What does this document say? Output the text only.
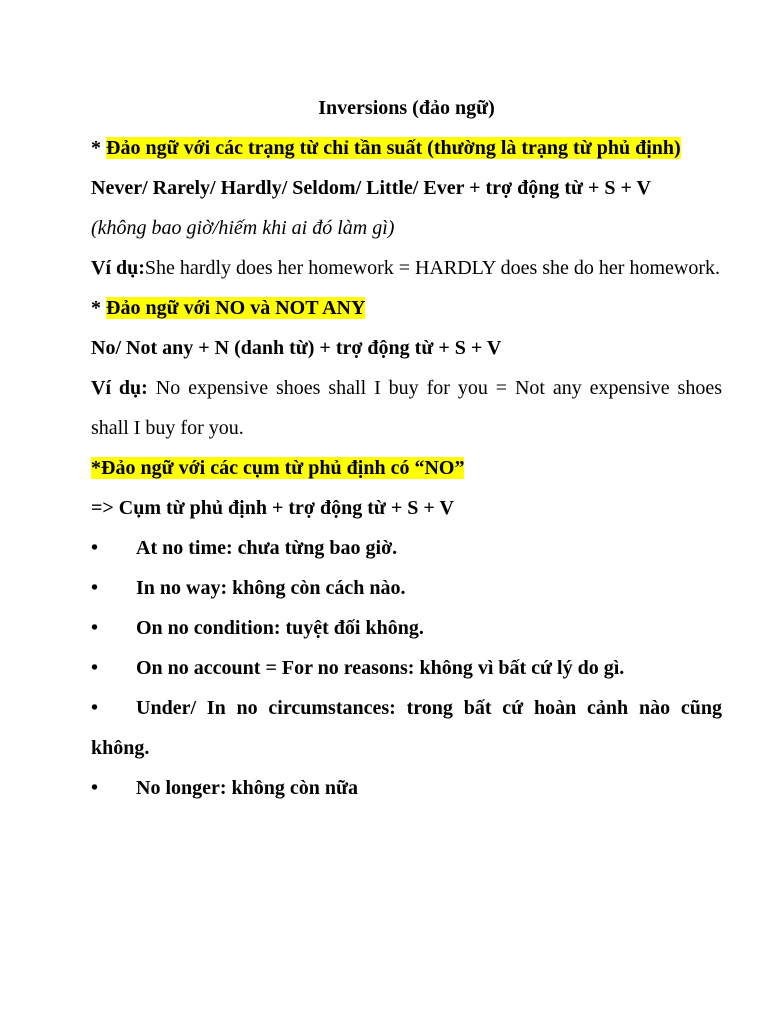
Inversions (đảo ngữ)

* Đảo ngữ với các trạng từ chỉ tần suất (thường là trạng từ phủ định)

Never/ Rarely/ Hardly/ Seldom/ Little/ Ever + trợ động từ + S + V

(không bao giờ/hiếm khi ai đó làm gì)

Ví dụ:She hardly does her homework = HARDLY does she do her homework.

* Đảo ngữ với NO và NOT ANY

No/ Not any + N (danh từ) + trợ động từ + S + V

Ví dụ: No expensive shoes shall I buy for you = Not any expensive shoes shall I buy for you.

*Đảo ngữ với các cụm từ phủ định có “NO”

=> Cụm từ phủ định + trợ động từ + S + V

•At no time: chưa từng bao giờ.
•In no way: không còn cách nào.
•On no condition: tuyệt đối không.
•On no account = For no reasons: không vì bất cứ lý do gì.
•Under/ In no circumstances: trong bất cứ hoàn cảnh nào cũng không.
•No longer: không còn nữa
